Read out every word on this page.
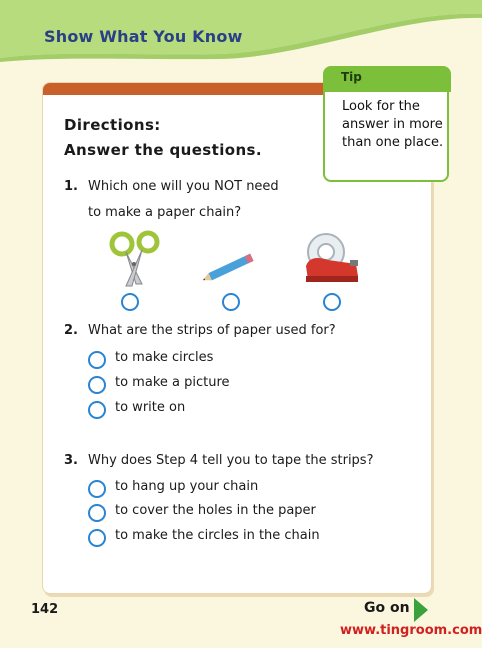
Show What You Know
Directions:
Answer the questions.
Tip
Look for the answer in more than one place.
1. Which one will you NOT need
to make a paper chain?
2. What are the strips of paper used for?
to make circles
to make a picture
to write on
3. Why does Step 4 tell you to tape the strips?
to hang up your chain
to cover the holes in the paper
to make the circles in the chain
142	Go on
www.tingroom.com
